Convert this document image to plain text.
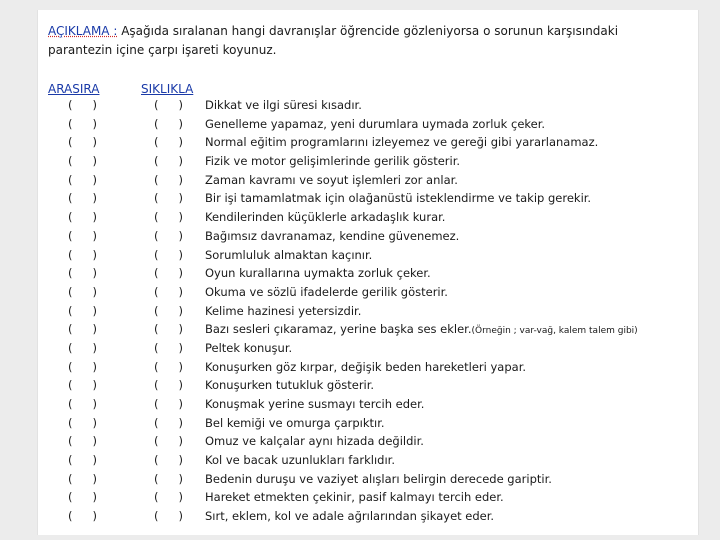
AÇIKLAMA : Aşağıda sıralanan hangi davranışlar öğrencide gözleniyorsa o sorunun karşısındaki
parantezin içine çarpı işareti koyunuz.
ARASIRA	SIKLIKLA
( )	( ) Dikkat ve ilgi süresi kısadır.
( )	( ) Genelleme yapamaz, yeni durumlara uymada zorluk çeker.
( )	( ) Normal eğitim programlarını izleyemez ve gereği gibi yararlanamaz.
( )	( ) Fizik ve motor gelişimlerinde gerilik gösterir.
( )	( ) Zaman kavramı ve soyut işlemleri zor anlar.
( )	( ) Bir işi tamamlatmak için olağanüstü isteklendirme ve takip gerekir.
( )	( ) Kendilerinden küçüklerle arkadaşlık kurar.
( )	( ) Bağımsız davranamaz, kendine güvenemez.
( )	( ) Sorumluluk almaktan kaçınır.
( )	( ) Oyun kurallarına uymakta zorluk çeker.
( )	( ) Okuma ve sözlü ifadelerde gerilik gösterir.
( )	( ) Kelime hazinesi yetersizdir.
( )	( ) Bazı sesleri çıkaramaz, yerine başka ses ekler.(Örneğin ; var-vağ, kalem talem gibi)
( )	( ) Peltek konuşur.
( )	( ) Konuşurken göz kırpar, değişik beden hareketleri yapar.
( )	( ) Konuşurken tutukluk gösterir.
( )	( ) Konuşmak yerine susmayı tercih eder.
( )	( ) Bel kemiği ve omurga çarpıktır.
( )	( ) Omuz ve kalçalar aynı hizada değildir.
( )	( ) Kol ve bacak uzunlukları farklıdır.
( )	( ) Bedenin duruşu ve vaziyet alışları belirgin derecede gariptir.
( )	( ) Hareket etmekten çekinir, pasif kalmayı tercih eder.
( )	( ) Sırt, eklem, kol ve adale ağrılarından şikayet eder.
